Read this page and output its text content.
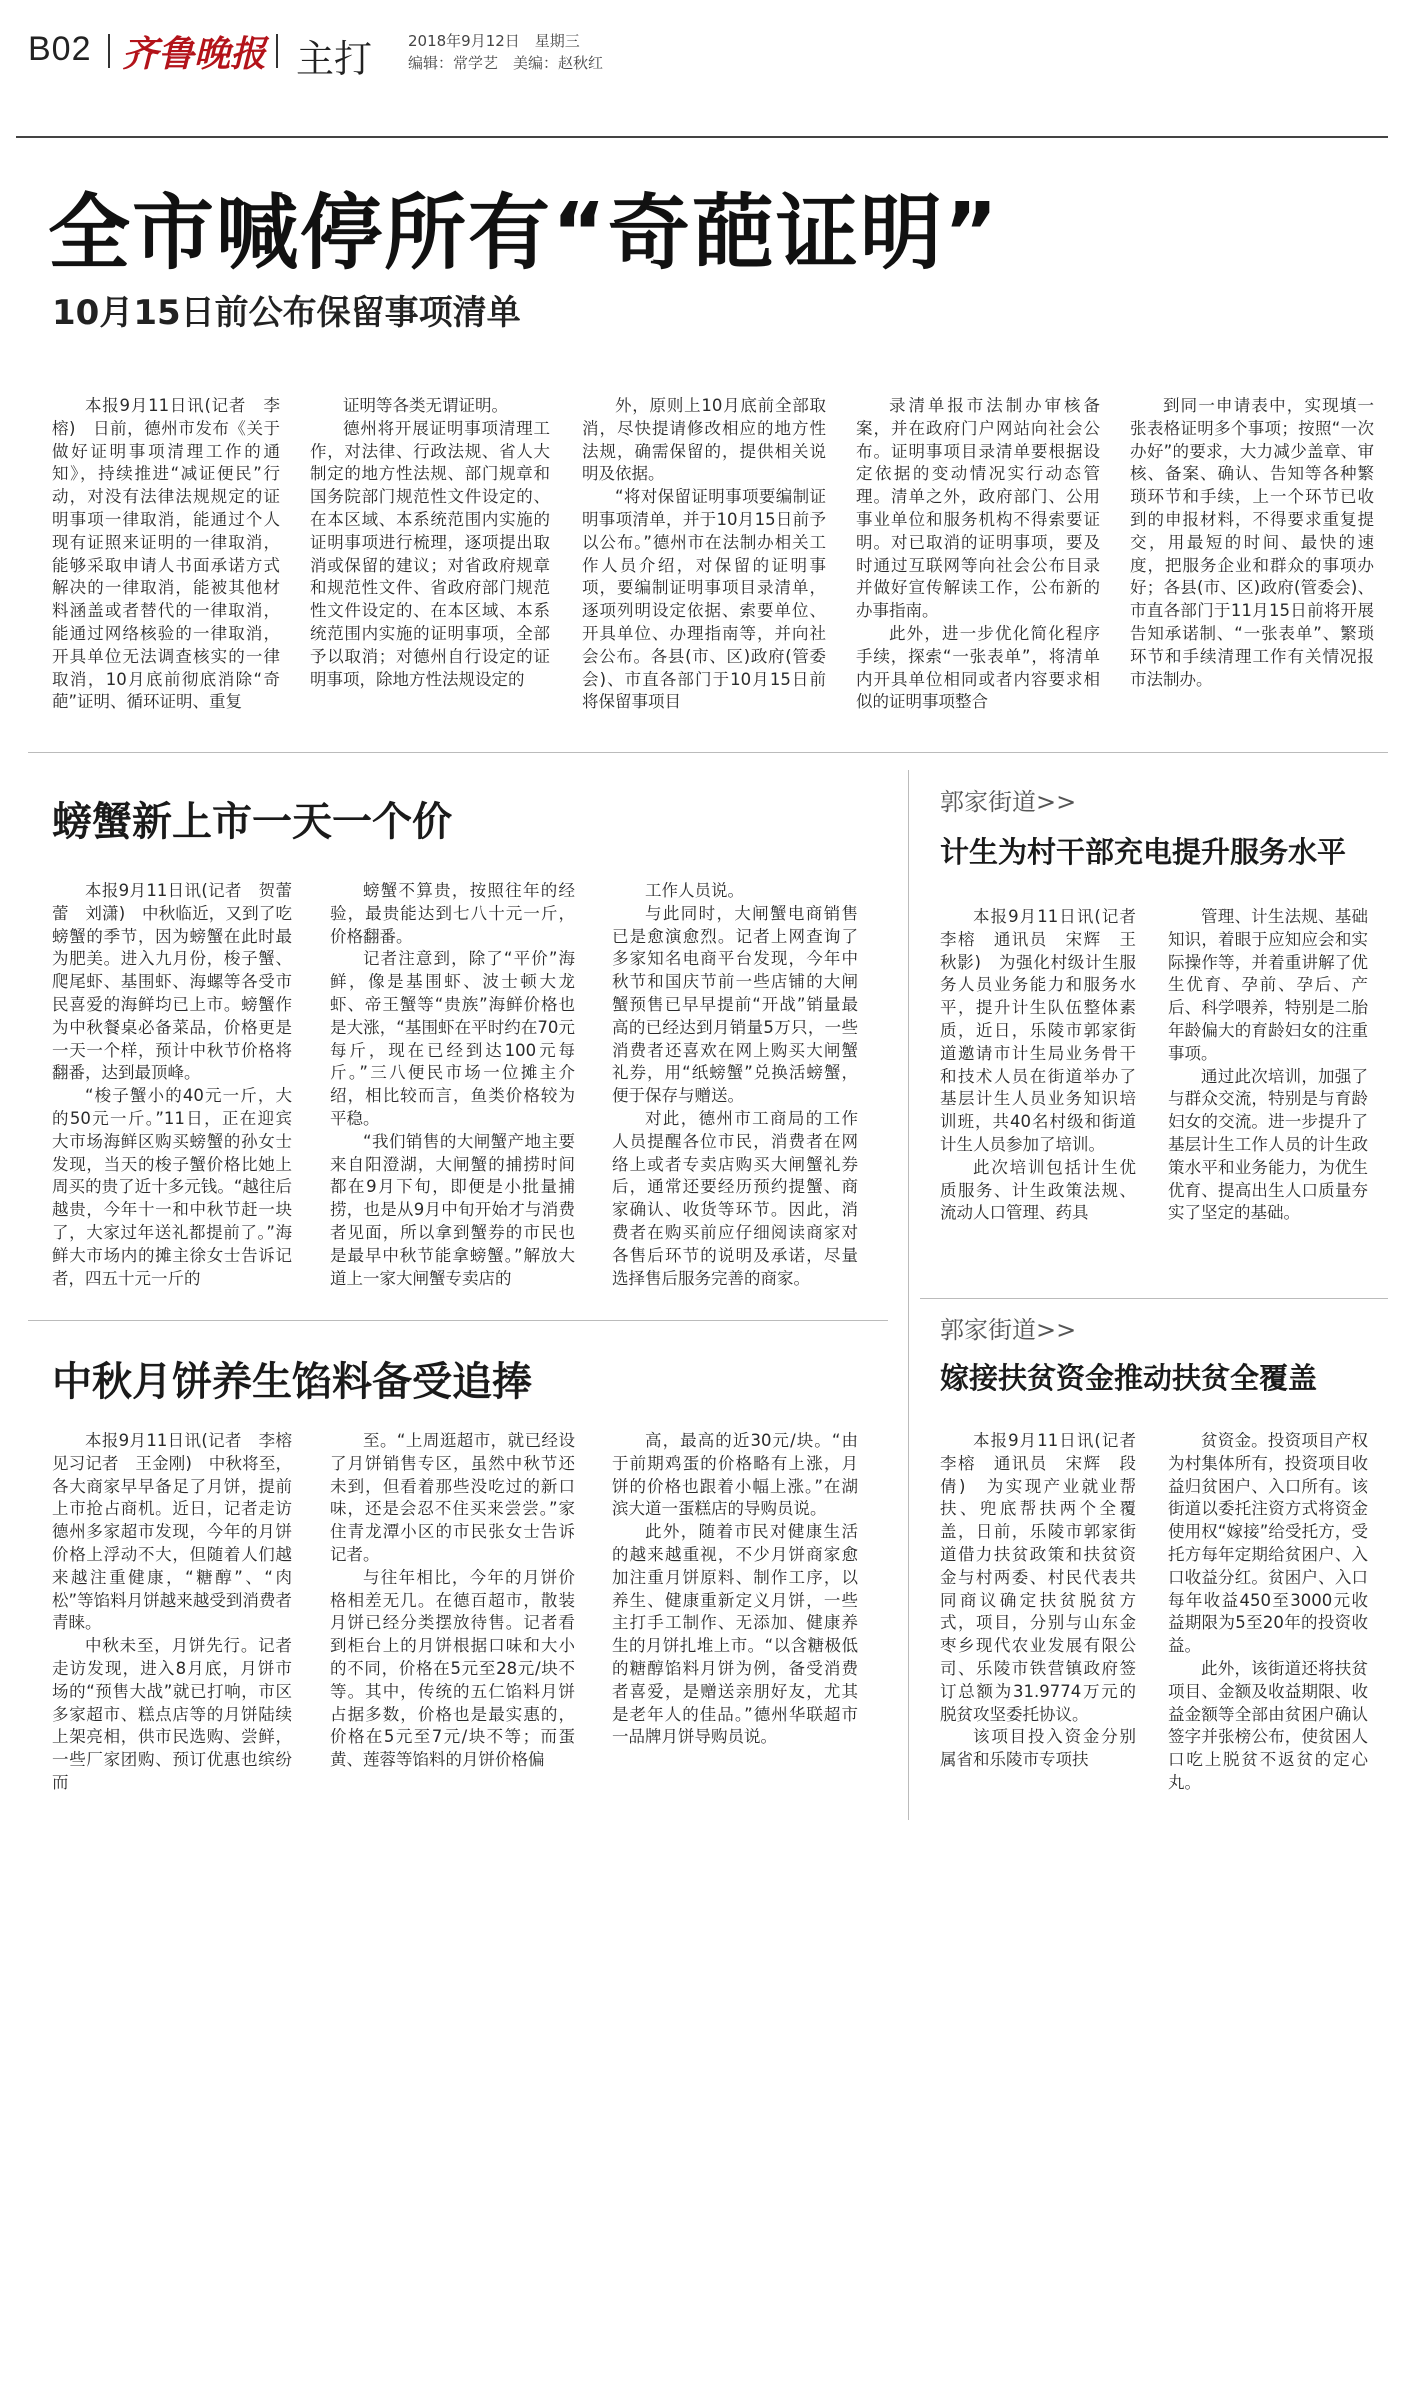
B02 齐鲁晚报 主打 2018年9月12日　星期三
编辑：常学艺　美编：赵秋红
全市喊停所有“奇葩证明”
10月15日前公布保留事项清单

本报9月11日讯(记者　李榕)　日前，德州市发布《关于做好证明事项清理工作的通知》，持续推进“减证便民”行动，对没有法律法规规定的证明事项一律取消，能通过个人现有证照来证明的一律取消，能够采取申请人书面承诺方式解决的一律取消，能被其他材料涵盖或者替代的一律取消，能通过网络核验的一律取消，开具单位无法调查核实的一律取消，10月底前彻底消除“奇葩”证明、循环证明、重复

证明等各类无谓证明。

德州将开展证明事项清理工作，对法律、行政法规、省人大制定的地方性法规、部门规章和国务院部门规范性文件设定的、在本区域、本系统范围内实施的证明事项进行梳理，逐项提出取消或保留的建议；对省政府规章和规范性文件、省政府部门规范性文件设定的、在本区域、本系统范围内实施的证明事项，全部予以取消；对德州自行设定的证明事项，除地方性法规设定的

外，原则上10月底前全部取消，尽快提请修改相应的地方性法规，确需保留的，提供相关说明及依据。

“将对保留证明事项要编制证明事项清单，并于10月15日前予以公布。”德州市在法制办相关工作人员介绍，对保留的证明事项，要编制证明事项目录清单，逐项列明设定依据、索要单位、开具单位、办理指南等，并向社会公布。各县(市、区)政府(管委会)、市直各部门于10月15日前将保留事项目

录清单报市法制办审核备案，并在政府门户网站向社会公布。证明事项目录清单要根据设定依据的变动情况实行动态管理。清单之外，政府部门、公用事业单位和服务机构不得索要证明。对已取消的证明事项，要及时通过互联网等向社会公布目录并做好宣传解读工作，公布新的办事指南。

此外，进一步优化简化程序手续，探索“一张表单”，将清单内开具单位相同或者内容要求相似的证明事项整合

到同一申请表中，实现填一张表格证明多个事项；按照“一次办好”的要求，大力减少盖章、审核、备案、确认、告知等各种繁琐环节和手续，上一个环节已收到的申报材料，不得要求重复提交，用最短的时间、最快的速度，把服务企业和群众的事项办好；各县(市、区)政府(管委会)、市直各部门于11月15日前将开展告知承诺制、“一张表单”、繁琐环节和手续清理工作有关情况报市法制办。

螃蟹新上市一天一个价

本报9月11日讯(记者　贺蕾蕾　刘潇)　中秋临近，又到了吃螃蟹的季节，因为螃蟹在此时最为肥美。进入九月份，梭子蟹、爬尾虾、基围虾、海螺等各受市民喜爱的海鲜均已上市。螃蟹作为中秋餐桌必备菜品，价格更是一天一个样，预计中秋节价格将翻番，达到最顶峰。

“梭子蟹小的40元一斤，大的50元一斤。”11日，正在迎宾大市场海鲜区购买螃蟹的孙女士发现，当天的梭子蟹价格比她上周买的贵了近十多元钱。“越往后越贵，今年十一和中秋节赶一块了，大家过年送礼都提前了。”海鲜大市场内的摊主徐女士告诉记者，四五十元一斤的

螃蟹不算贵，按照往年的经验，最贵能达到七八十元一斤，价格翻番。

记者注意到，除了“平价”海鲜，像是基围虾、波士顿大龙虾、帝王蟹等“贵族”海鲜价格也是大涨，“基围虾在平时约在70元每斤，现在已经到达100元每斤。”三八便民市场一位摊主介绍，相比较而言，鱼类价格较为平稳。

“我们销售的大闸蟹产地主要来自阳澄湖，大闸蟹的捕捞时间都在9月下旬，即便是小批量捕捞，也是从9月中旬开始才与消费者见面，所以拿到蟹券的市民也是最早中秋节能拿螃蟹。”解放大道上一家大闸蟹专卖店的

工作人员说。

与此同时，大闸蟹电商销售已是愈演愈烈。记者上网查询了多家知名电商平台发现，今年中秋节和国庆节前一些店铺的大闸蟹预售已早早提前“开战”销量最高的已经达到月销量5万只，一些消费者还喜欢在网上购买大闸蟹礼券，用“纸螃蟹”兑换活螃蟹，便于保存与赠送。

对此，德州市工商局的工作人员提醒各位市民，消费者在网络上或者专卖店购买大闸蟹礼券后，通常还要经历预约提蟹、商家确认、收货等环节。因此，消费者在购买前应仔细阅读商家对各售后环节的说明及承诺，尽量选择售后服务完善的商家。

中秋月饼养生馅料备受追捧

本报9月11日讯(记者　李榕　见习记者　王金刚)　中秋将至，各大商家早早备足了月饼，提前上市抢占商机。近日，记者走访德州多家超市发现，今年的月饼价格上浮动不大，但随着人们越来越注重健康，“糖醇”、“肉松”等馅料月饼越来越受到消费者青睐。

中秋未至，月饼先行。记者走访发现，进入8月底，月饼市场的“预售大战”就已打响，市区多家超市、糕点店等的月饼陆续上架亮相，供市民选购、尝鲜，一些厂家团购、预订优惠也缤纷而

至。“上周逛超市，就已经设了月饼销售专区，虽然中秋节还未到，但看着那些没吃过的新口味，还是会忍不住买来尝尝。”家住青龙潭小区的市民张女士告诉记者。

与往年相比，今年的月饼价格相差无几。在德百超市，散装月饼已经分类摆放待售。记者看到柜台上的月饼根据口味和大小的不同，价格在5元至28元/块不等。其中，传统的五仁馅料月饼占据多数，价格也是最实惠的，价格在5元至7元/块不等；而蛋黄、莲蓉等馅料的月饼价格偏

高，最高的近30元/块。“由于前期鸡蛋的价格略有上涨，月饼的价格也跟着小幅上涨。”在湖滨大道一蛋糕店的导购员说。

此外，随着市民对健康生活的越来越重视，不少月饼商家愈加注重月饼原料、制作工序，以养生、健康重新定义月饼，一些主打手工制作、无添加、健康养生的月饼扎堆上市。“以含糖极低的糖醇馅料月饼为例，备受消费者喜爱，是赠送亲朋好友，尤其是老年人的佳品。”德州华联超市一品牌月饼导购员说。

郭家街道>>
计生为村干部充电提升服务水平

本报9月11日讯(记者　李榕　通讯员　宋辉　王秋影)　为强化村级计生服务人员业务能力和服务水平，提升计生队伍整体素质，近日，乐陵市郭家街道邀请市计生局业务骨干和技术人员在街道举办了基层计生人员业务知识培训班，共40名村级和街道计生人员参加了培训。

此次培训包括计生优质服务、计生政策法规、流动人口管理、药具

管理、计生法规、基础知识，着眼于应知应会和实际操作等，并着重讲解了优生优育、孕前、孕后、产后、科学喂养，特别是二胎年龄偏大的育龄妇女的注重事项。

通过此次培训，加强了与群众交流，特别是与育龄妇女的交流。进一步提升了基层计生工作人员的计生政策水平和业务能力，为优生优育、提高出生人口质量夯实了坚定的基础。

郭家街道>>
嫁接扶贫资金推动扶贫全覆盖

本报9月11日讯(记者　李榕　通讯员　宋辉　段倩)　为实现产业就业帮扶、兜底帮扶两个全覆盖，日前，乐陵市郭家街道借力扶贫政策和扶贫资金与村两委、村民代表共同商议确定扶贫脱贫方式，项目，分别与山东金枣乡现代农业发展有限公司、乐陵市铁营镇政府签订总额为31.9774万元的脱贫攻坚委托协议。

该项目投入资金分别属省和乐陵市专项扶

贫资金。投资项目产权为村集体所有，投资项目收益归贫困户、入口所有。该街道以委托注资方式将资金使用权“嫁接”给受托方，受托方每年定期给贫困户、入口收益分红。贫困户、入口每年收益450至3000元收益期限为5至20年的投资收益。

此外，该街道还将扶贫项目、金额及收益期限、收益金额等全部由贫困户确认签字并张榜公布，使贫困人口吃上脱贫不返贫的定心丸。
